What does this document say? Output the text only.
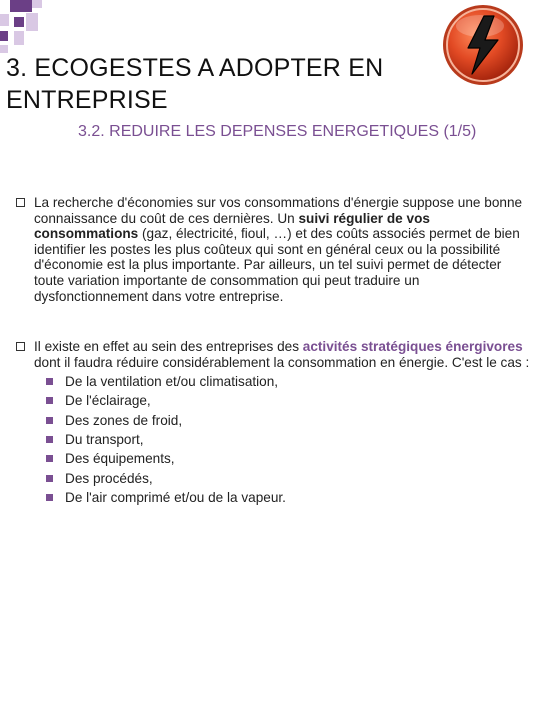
3. ECOGESTES A ADOPTER EN ENTREPRISE
3.2. REDUIRE LES DEPENSES ENERGETIQUES (1/5)
La recherche d'économies sur vos consommations d'énergie suppose une bonne connaissance du coût de ces dernières. Un suivi régulier de vos consommations (gaz, électricité, fioul, …) et des coûts associés permet de bien identifier les postes les plus coûteux qui sont en général ceux ou la possibilité d'économie est la plus importante. Par ailleurs, un tel suivi permet de détecter toute variation importante de consommation qui peut traduire un dysfonctionnement dans votre entreprise.
Il existe en effet au sein des entreprises des activités stratégiques énergivores dont il faudra réduire considérablement la consommation en énergie. C'est le cas :
De la ventilation et/ou climatisation,
De l'éclairage,
Des zones de froid,
Du transport,
Des équipements,
Des procédés,
De l'air comprimé et/ou de la vapeur.
